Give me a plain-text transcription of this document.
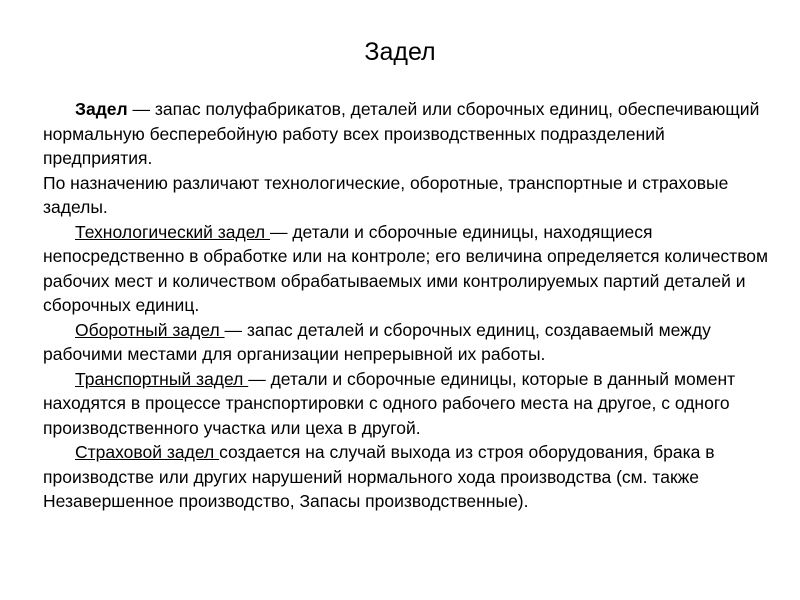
Задел

Задел — запас полуфабрикатов, деталей или сборочных единиц, обеспечивающий нормальную бесперебойную работу всех производственных подразделений предприятия.
По назначению различают технологические, оборотные, транспортные и страховые заделы.

Технологический задел — детали и сборочные единицы, находящиеся непосредственно в обработке или на контроле; его величина определяется количеством рабочих мест и количеством обрабатываемых ими контролируемых партий деталей и сборочных единиц.

Оборотный задел — запас деталей и сборочных единиц, создаваемый между рабочими местами для организации непрерывной их работы.

Транспортный задел — детали и сборочные единицы, которые в данный момент находятся в процессе транспортировки с одного рабочего места на другое, с одного производственного участка или цеха в другой.

Страховой задел создается на случай выхода из строя оборудования, брака в производстве или других нарушений нормального хода производства (см. также Незавершенное производство, Запасы производственные).
